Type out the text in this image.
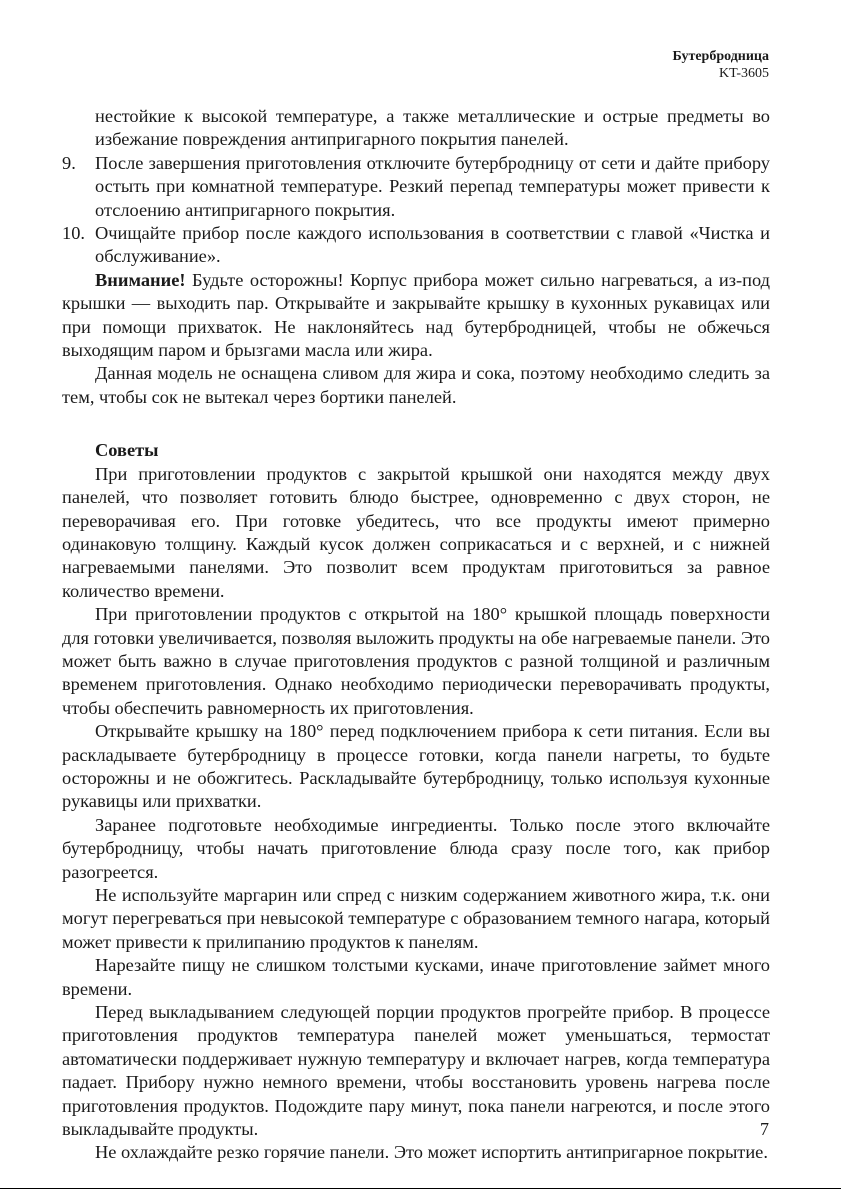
Бутербродница
KT-3605

нестойкие к высокой температуре, а также металлические и острые предметы во избежание повреждения антипригарного покрытия панелей.

9.	После завершения приготовления отключите бутербродницу от сети и дайте прибору остыть при комнатной температуре. Резкий перепад температуры может привести к отслоению антипригарного покрытия.
10. Очищайте прибор после каждого использования в соответствии с главой «Чистка и обслуживание».

Внимание! Будьте осторожны! Корпус прибора может сильно нагреваться, а из-под крышки — выходить пар. Открывайте и закрывайте крышку в кухонных рукавицах или при помощи прихваток. Не наклоняйтесь над бутербродницей, чтобы не обжечься выходящим паром и брызгами масла или жира.

Данная модель не оснащена сливом для жира и сока, поэтому необходимо следить за тем, чтобы сок не вытекал через бортики панелей.

Советы

При приготовлении продуктов с закрытой крышкой они находятся между двух панелей, что позволяет готовить блюдо быстрее, одновременно с двух сторон, не переворачивая его. При готовке убедитесь, что все продукты имеют примерно одинаковую толщину. Каждый кусок должен соприкасаться и с верхней, и с нижней нагреваемыми панелями. Это позволит всем продуктам приготовиться за равное количество времени.

При приготовлении продуктов с открытой на 180° крышкой площадь поверхности для готовки увеличивается, позволяя выложить продукты на обе нагреваемые панели. Это может быть важно в случае приготовления продуктов с разной толщиной и различным временем приготовления. Однако необходимо периодически переворачивать продукты, чтобы обеспечить равномерность их приготовления.

Открывайте крышку на 180° перед подключением прибора к сети питания. Если вы раскладываете бутербродницу в процессе готовки, когда панели нагреты, то будьте осторожны и не обожгитесь. Раскладывайте бутербродницу, только используя кухонные рукавицы или прихватки.

Заранее подготовьте необходимые ингредиенты. Только после этого включайте бутербродницу, чтобы начать приготовление блюда сразу после того, как прибор разогреется.

Не используйте маргарин или спред с низким содержанием животного жира, т.к. они могут перегреваться при невысокой температуре с образованием темного нагара, который может привести к прилипанию продуктов к панелям.

Нарезайте пищу не слишком толстыми кусками, иначе приготовление займет много времени.

Перед выкладыванием следующей порции продуктов прогрейте прибор. В процессе приготовления продуктов температура панелей может уменьшаться, термостат автоматически поддерживает нужную температуру и включает нагрев, когда температура падает. Прибору нужно немного времени, чтобы восстановить уровень нагрева после приготовления продуктов. Подождите пару минут, пока панели нагреются, и после этого выкладывайте продукты.

Не охлаждайте резко горячие панели. Это может испортить антипригарное покрытие.

7
